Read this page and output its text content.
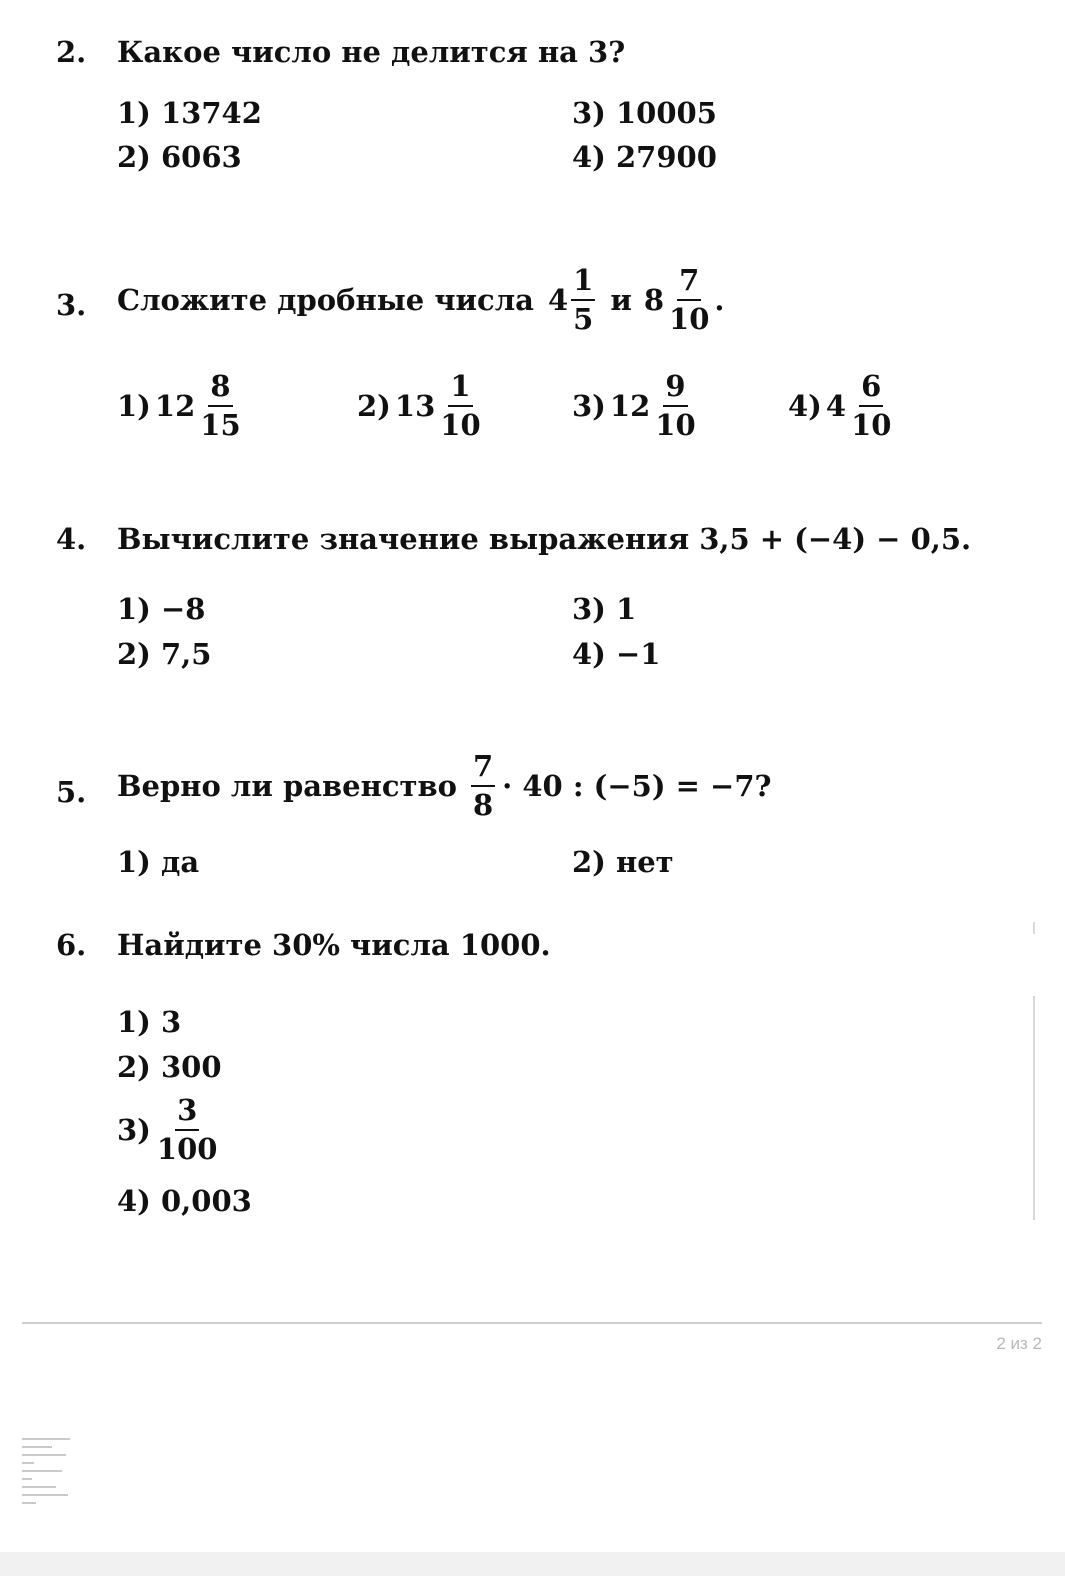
2. Какое число не делится на 3?
1) 13742
2) 6063
3) 10005
4) 27900
3. Сложите дробные числа $4 \frac{1}{5}$ и $8 \frac{7}{10}$ .
1) $12 \frac{8}{15}$	2) $13 \frac{1}{10}$	3) $12 \frac{9}{10}$	4) $4 \frac{6}{10}$
4. Вычислите значение выражения 3,5 + (−4) − 0,5.
1) −8
2) 7,5
3) 1
4) −1
5. Верно ли равенство $\frac{7}{8} \cdot 40$ : (−5) = −7?
1) да	2) нет
6. Найдите 30% числа 1000.
1) 3
2) 300
$3) \frac{3}{100}$
4) 0,003
2 из 2
